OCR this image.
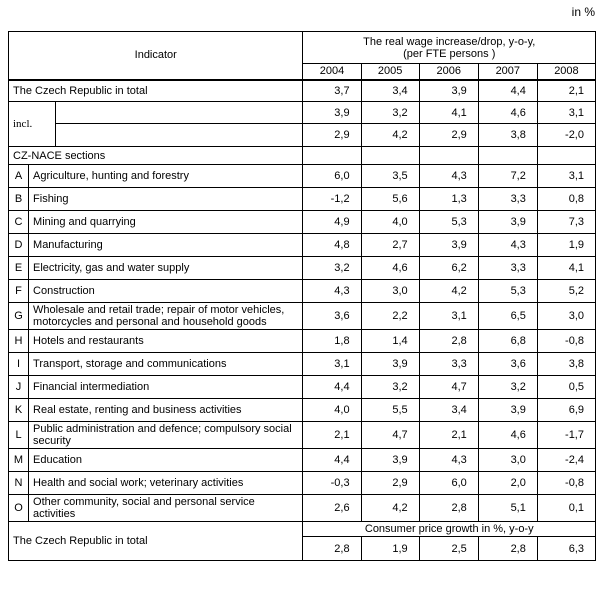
in %
Indicator			The real wage increase/drop, y-o-y,
(per FTE persons )				

			2004	2005	2006	2007	2008
The Czech Republic in total			3,7	3,4	3,9	4,4	2,1
incl.			3,9	3,2	4,1	4,6	3,1
			2,9	4,2	2,9	3,8	-2,0
CZ-NACE sections							
A	Agriculture, hunting and forestry		6,0	3,5	4,3	7,2	3,1
B	Fishing		-1,2	5,6	1,3	3,3	0,8
C	Mining and quarrying		4,9	4,0	5,3	3,9	7,3
D	Manufacturing		4,8	2,7	3,9	4,3	1,9
E	Electricity, gas and water supply		3,2	4,6	6,2	3,3	4,1
F	Construction		4,3	3,0	4,2	5,3	5,2
G	Wholesale and retail trade; repair of motor vehicles, motorcycles and personal and household goods		3,6	2,2	3,1	6,5	3,0
H	Hotels and restaurants		1,8	1,4	2,8	6,8	-0,8
I	Transport, storage and communications		3,1	3,9	3,3	3,6	3,8
J	Financial intermediation		4,4	3,2	4,7	3,2	0,5
K	Real estate, renting and business activities		4,0	5,5	3,4	3,9	6,9
L	Public administration and defence; compulsory social security		2,1	4,7	2,1	4,6	-1,7
M	Education		4,4	3,9	4,3	3,0	-2,4
N	Health and social work; veterinary activities		-0,3	2,9	6,0	2,0	-0,8
O	Other community, social and personal service activities		2,6	4,2	2,8	5,1	0,1
The Czech Republic in total			Consumer price growth in %, y-o-y				
			2,8	1,9	2,5	2,8	6,3
